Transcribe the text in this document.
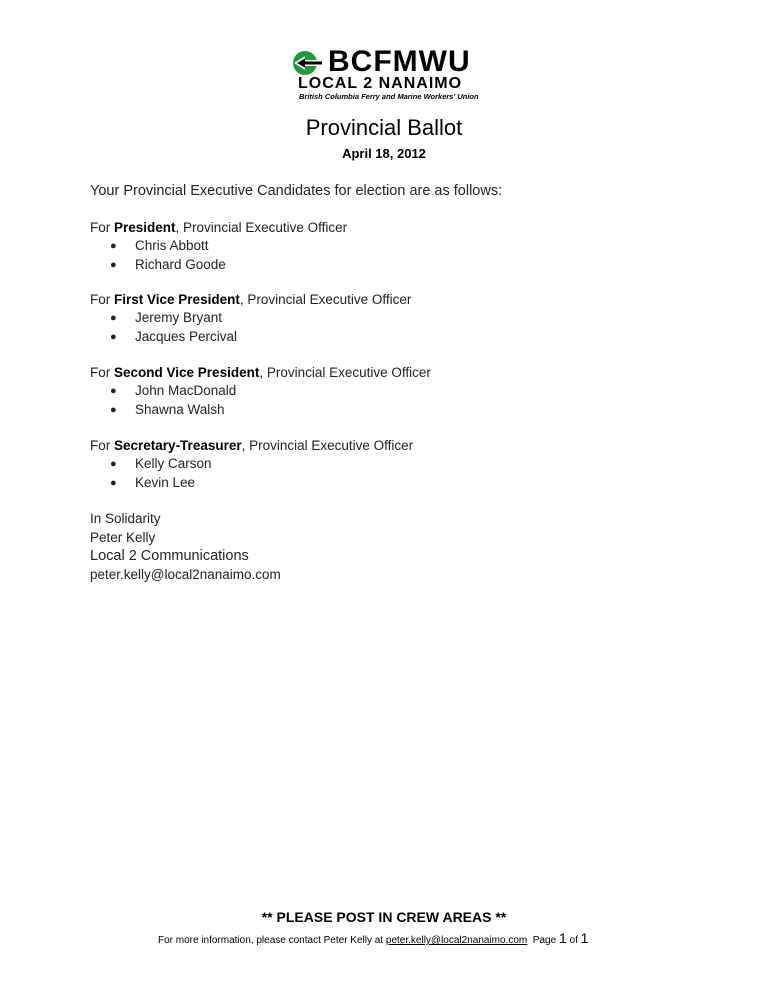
BCFMWU
LOCAL 2 NANAIMO
British Columbia Ferry and Marine Workers' Union
Provincial Ballot
April 18, 2012
Your Provincial Executive Candidates for election are as follows:
For President, Provincial Executive Officer
● Chris Abbott
● Richard Goode
For First Vice President, Provincial Executive Officer
● Jeremy Bryant
● Jacques Percival
For Second Vice President, Provincial Executive Officer
● John MacDonald
● Shawna Walsh
For Secretary-Treasurer, Provincial Executive Officer
● Kelly Carson
● Kevin Lee
In Solidarity
Peter Kelly
Local 2 Communications
peter.kelly@local2nanaimo.com
** PLEASE POST IN CREW AREAS **
For more information, please contact Peter Kelly at peter.kelly@local2nanaimo.com Page 1 of 1
